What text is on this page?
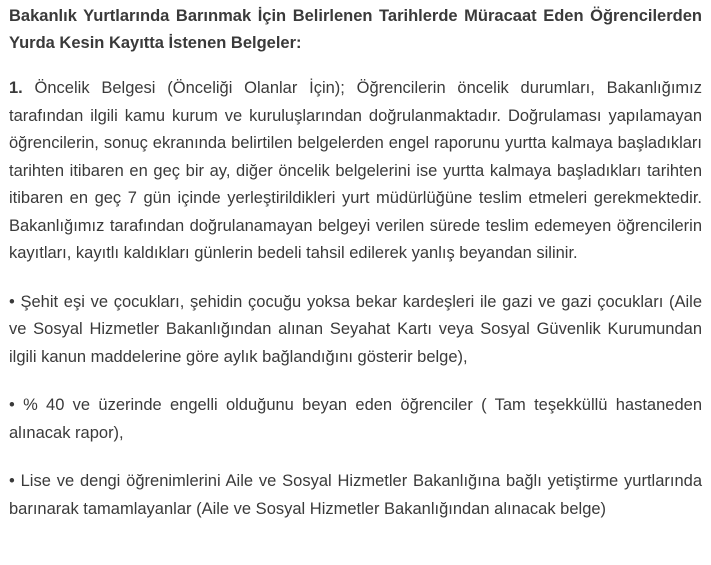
Bakanlık Yurtlarında Barınmak İçin Belirlenen Tarihlerde Müracaat Eden Öğrencilerden Yurda Kesin Kayıtta İstenen Belgeler:

1. Öncelik Belgesi (Önceliği Olanlar İçin); Öğrencilerin öncelik durumları, Bakanlığımız tarafından ilgili kamu kurum ve kuruluşlarından doğrulanmaktadır. Doğrulaması yapılamayan öğrencilerin, sonuç ekranında belirtilen belgelerden engel raporunu yurtta kalmaya başladıkları tarihten itibaren en geç bir ay, diğer öncelik belgelerini ise yurtta kalmaya başladıkları tarihten itibaren en geç 7 gün içinde yerleştirildikleri yurt müdürlüğüne teslim etmeleri gerekmektedir. Bakanlığımız tarafından doğrulanamayan belgeyi verilen sürede teslim edemeyen öğrencilerin kayıtları, kayıtlı kaldıkları günlerin bedeli tahsil edilerek yanlış beyandan silinir.

• Şehit eşi ve çocukları, şehidin çocuğu yoksa bekar kardeşleri ile gazi ve gazi çocukları (Aile ve Sosyal Hizmetler Bakanlığından alınan Seyahat Kartı veya Sosyal Güvenlik Kurumundan ilgili kanun maddelerine göre aylık bağlandığını gösterir belge),

• % 40 ve üzerinde engelli olduğunu beyan eden öğrenciler ( Tam teşekküllü hastaneden alınacak rapor),

• Lise ve dengi öğrenimlerini Aile ve Sosyal Hizmetler Bakanlığına bağlı yetiştirme yurtlarında barınarak tamamlayanlar (Aile ve Sosyal Hizmetler Bakanlığından alınacak belge)
